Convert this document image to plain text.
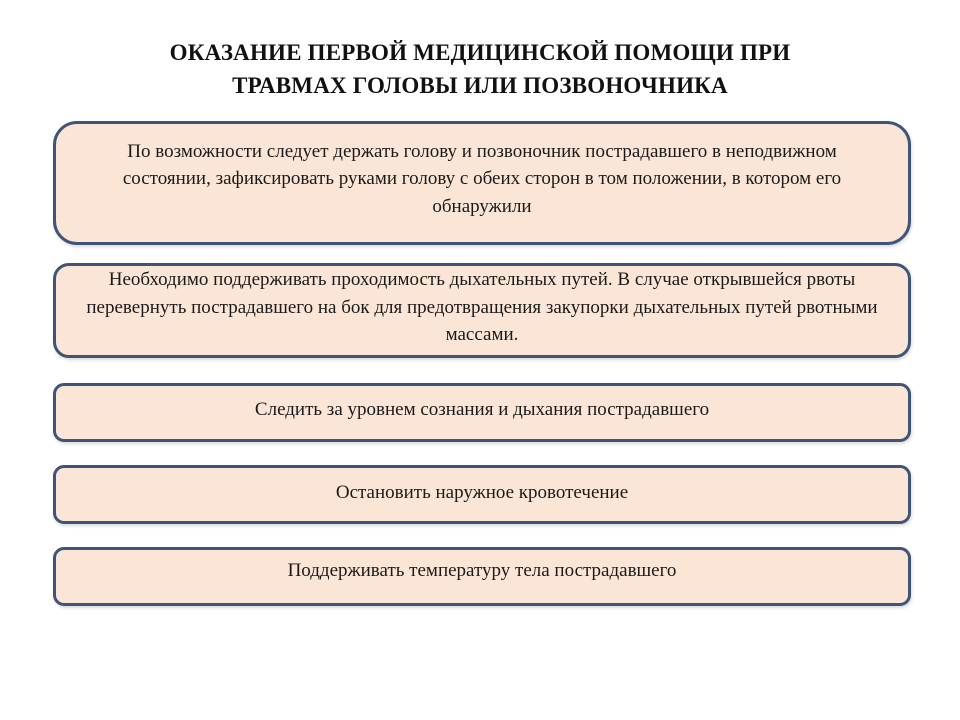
ОКАЗАНИЕ ПЕРВОЙ МЕДИЦИНСКОЙ ПОМОЩИ ПРИ
ТРАВМАХ ГОЛОВЫ ИЛИ ПОЗВОНОЧНИКА
По возможности следует держать голову и позвоночник пострадавшего в неподвижном состоянии, зафиксировать руками голову с обеих сторон в том положении, в котором его обнаружили
Необходимо поддерживать проходимость дыхательных путей. В случае открывшейся рвоты перевернуть пострадавшего на бок для предотвращения закупорки дыхательных путей рвотными массами.
Следить за уровнем сознания и дыхания пострадавшего
Остановить наружное кровотечение
Поддерживать температуру тела пострадавшего
